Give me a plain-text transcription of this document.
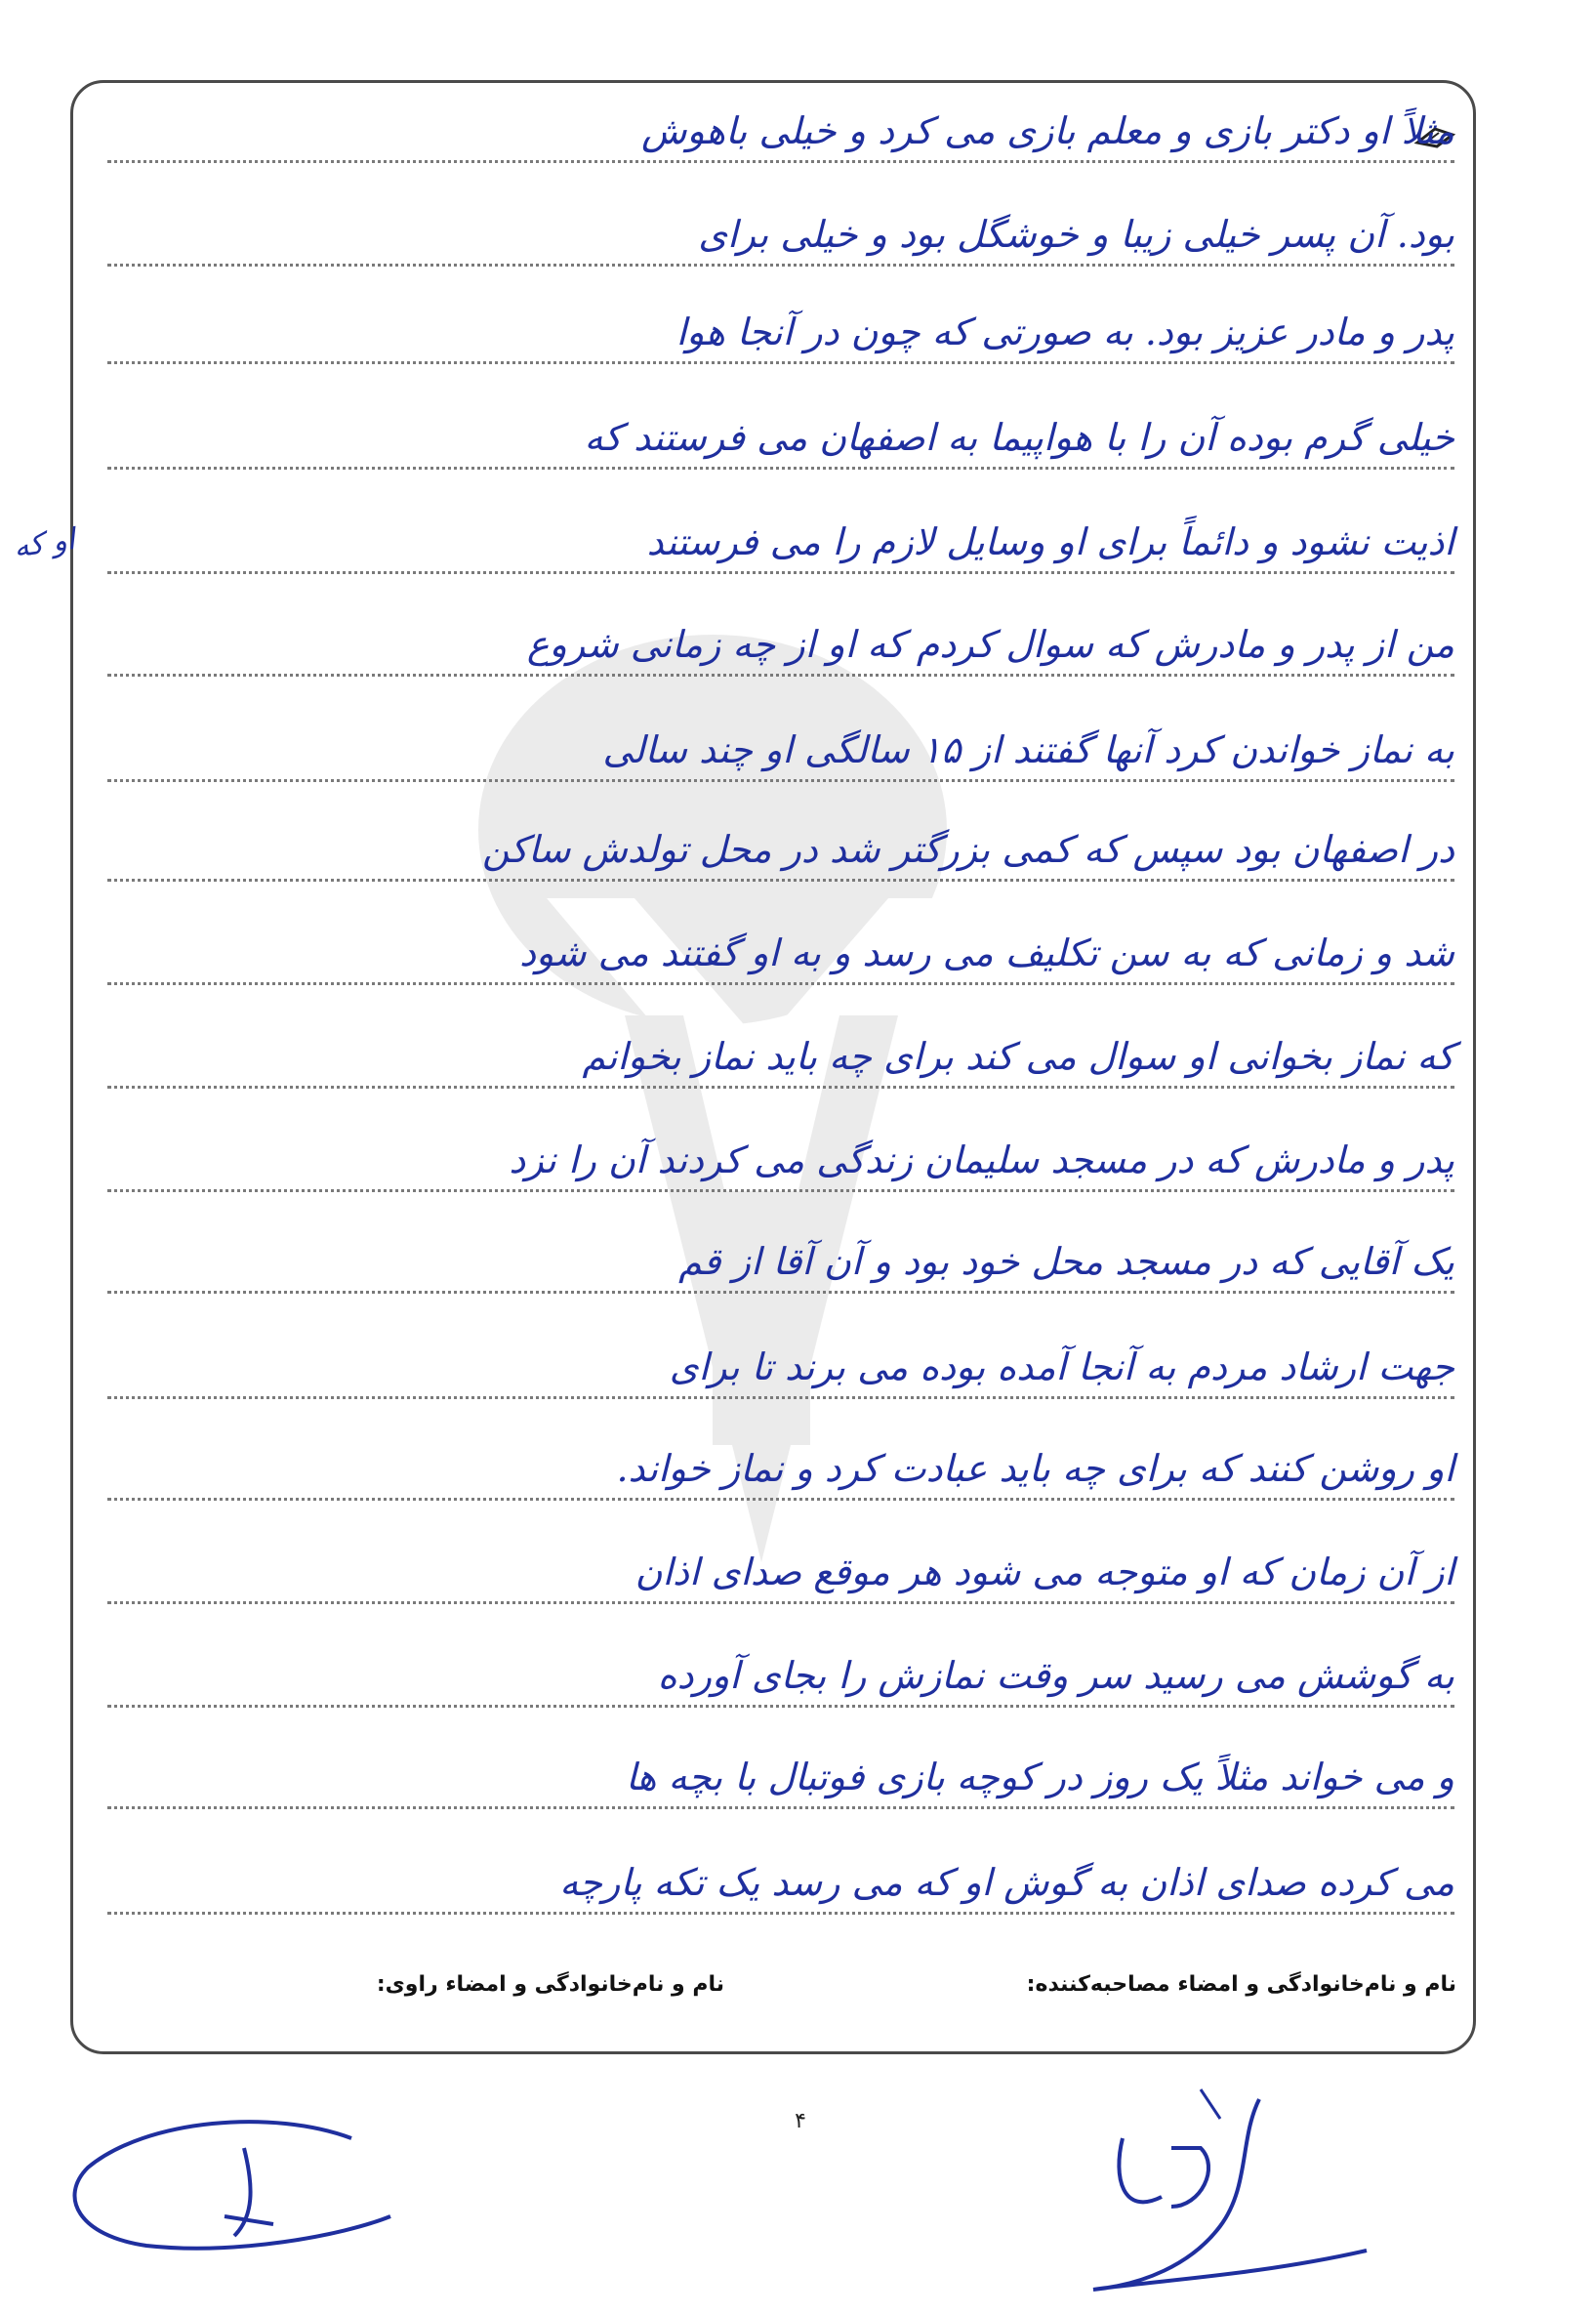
مثلاً او دکتر بازی و معلم بازی می کرد و خیلی باهوش
بود. آن پسر خیلی زیبا و خوشگل بود و خیلی برای
پدر و مادر عزیز بود. به صورتی که چون در آنجا هوا
خیلی گرم بوده آن را با هواپیما به اصفهان می فرستند که
اذیت نشود و دائماً برای او وسایل لازم را می فرستند
من از پدر و مادرش که سوال کردم که او از چه زمانی شروع
به نماز خواندن کرد آنها گفتند از ۱۵ سالگی او چند سالی
در اصفهان بود سپس که کمی بزرگتر شد در محل تولدش ساکن
شد و زمانی که به سن تکلیف می رسد و به او گفتند می شود
که نماز بخوانی او سوال می کند برای چه باید نماز بخوانم
پدر و مادرش که در مسجد سلیمان زندگی می کردند آن را نزد
یک آقایی که در مسجد محل خود بود و آن آقا از قم
جهت ارشاد مردم به آنجا آمده بوده می برند تا برای
او روشن کنند که برای چه باید عبادت کرد و نماز خواند.
از آن زمان که او متوجه می شود هر موقع صدای اذان
به گوشش می رسید سر وقت نمازش را بجای آورده
و می خواند مثلاً یک روز در کوچه بازی فوتبال با بچه ها
می کرده صدای اذان به گوش او که می رسد یک تکه پارچه
او که
نام و نام‌خانوادگی و امضاء مصاحبه‌کننده:
نام و نام‌خانوادگی و امضاء راوی:
۴
